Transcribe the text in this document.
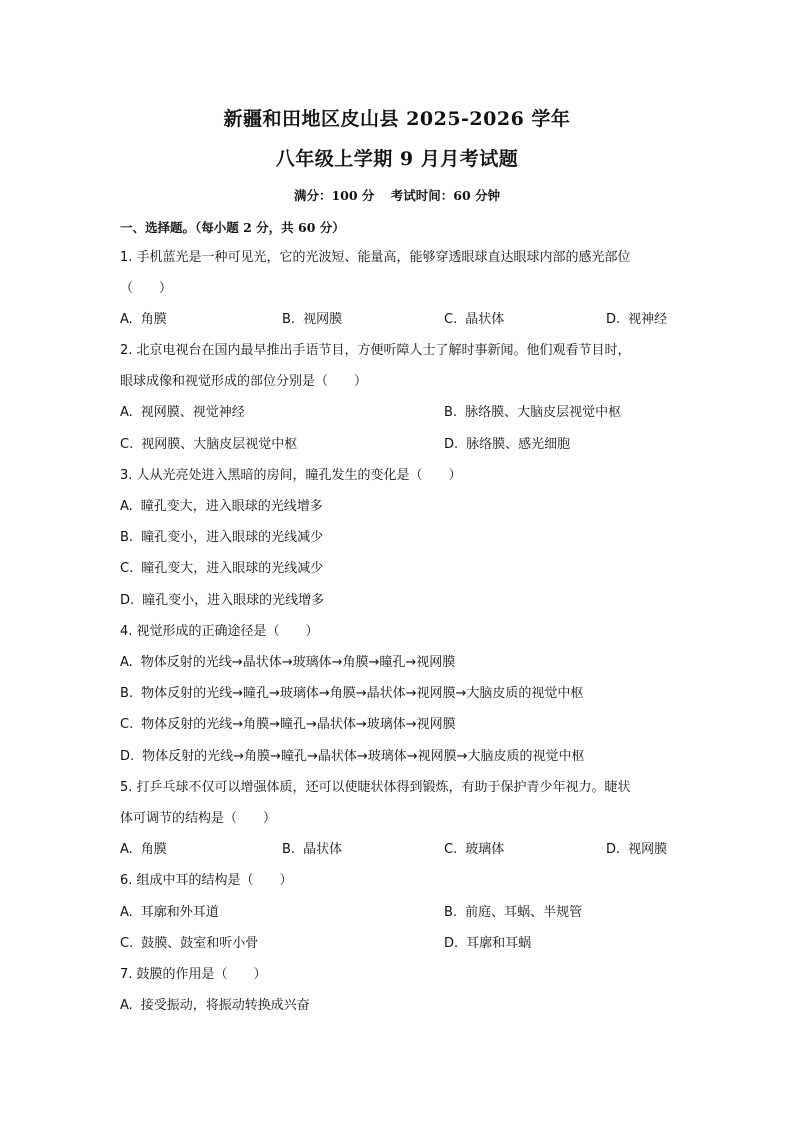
新疆和田地区皮山县 2025-2026 学年
八年级上学期 9 月月考试题
满分：100 分 考试时间：60 分钟
一、选择题。（每小题 2 分，共 60 分）
1. 手机蓝光是一种可见光，它的光波短、能量高，能够穿透眼球直达眼球内部的感光部位
（　　）
A. 角膜	B. 视网膜	C. 晶状体	D. 视神经
2. 北京电视台在国内最早推出手语节目，方便听障人士了解时事新闻。他们观看节目时，
眼球成像和视觉形成的部位分别是（　　）
A. 视网膜、视觉神经	B. 脉络膜、大脑皮层视觉中枢
C. 视网膜、大脑皮层视觉中枢	D. 脉络膜、感光细胞
3. 人从光亮处进入黑暗的房间，瞳孔发生的变化是（　　）
A. 瞳孔变大，进入眼球的光线增多
B. 瞳孔变小，进入眼球的光线减少
C. 瞳孔变大，进入眼球的光线减少
D. 瞳孔变小，进入眼球的光线增多
4. 视觉形成的正确途径是（　　）
A. 物体反射的光线→晶状体→玻璃体→角膜→瞳孔→视网膜
B. 物体反射的光线→瞳孔→玻璃体→角膜→晶状体→视网膜→大脑皮质的视觉中枢
C. 物体反射的光线→角膜→瞳孔→晶状体→玻璃体→视网膜
D. 物体反射的光线→角膜→瞳孔→晶状体→玻璃体→视网膜→大脑皮质的视觉中枢
5. 打乒乓球不仅可以增强体质，还可以使睫状体得到锻炼，有助于保护青少年视力。睫状
体可调节的结构是（　　）
A. 角膜	B. 晶状体	C. 玻璃体	D. 视网膜
6. 组成中耳的结构是（　　）
A. 耳廓和外耳道	B. 前庭、耳蜗、半规管
C. 鼓膜、鼓室和听小骨	D. 耳廓和耳蜗
7. 鼓膜的作用是（　　）
A. 接受振动，将振动转换成兴奋
